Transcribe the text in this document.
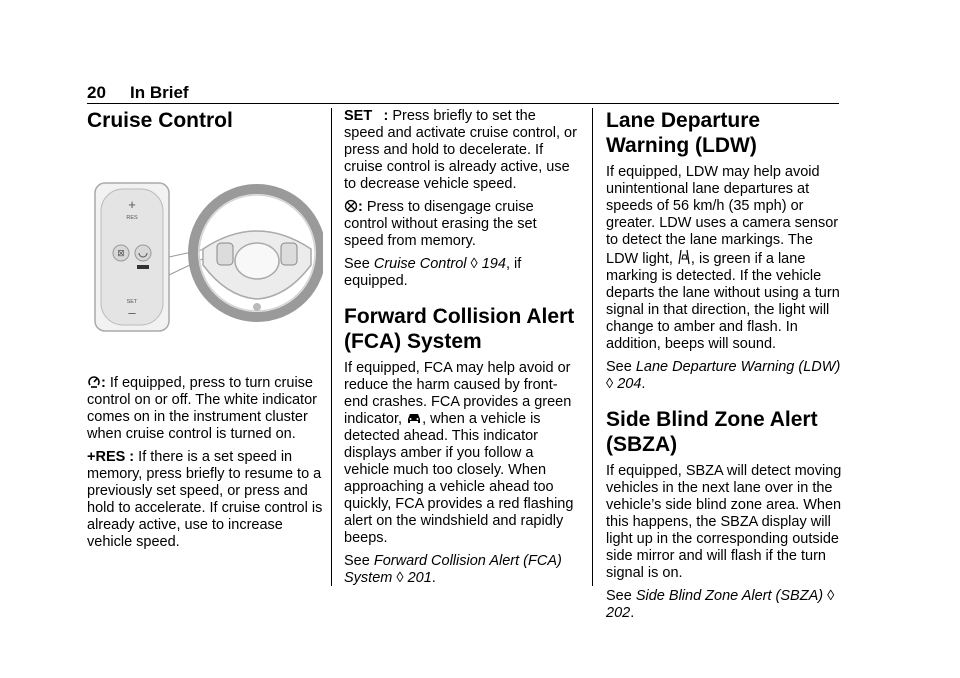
20 In Brief
Cruise Control
+
RES
⊠
SET
–

: If equipped, press to turn cruise control on or off. The white indicator comes on in the instrument cluster when cruise control is turned on.

+RES : If there is a set speed in memory, press briefly to resume to a previously set speed, or press and hold to accelerate. If cruise control is already active, use to increase vehicle speed.

SET  : Press briefly to set the speed and activate cruise control, or press and hold to decelerate. If cruise control is already active, use to decrease vehicle speed.

: Press to disengage cruise control without erasing the set speed from memory.

See Cruise Control ◊ 194, if equipped.

Forward Collision Alert (FCA) System

If equipped, FCA may help avoid or reduce the harm caused by front-end crashes. FCA provides a green indicator, , when a vehicle is detected ahead. This indicator displays amber if you follow a vehicle much too closely. When approaching a vehicle ahead too quickly, FCA provides a red flashing alert on the windshield and rapidly beeps.

See Forward Collision Alert (FCA) System ◊ 201.

Lane Departure Warning (LDW)

If equipped, LDW may help avoid unintentional lane departures at speeds of 56 km/h (35 mph) or greater. LDW uses a camera sensor to detect the lane markings. The LDW light, , is green if a lane marking is detected. If the vehicle departs the lane without using a turn signal in that direction, the light will change to amber and flash. In addition, beeps will sound.

See Lane Departure Warning (LDW) ◊ 204.

Side Blind Zone Alert (SBZA)

If equipped, SBZA will detect moving vehicles in the next lane over in the vehicle’s side blind zone area. When this happens, the SBZA display will light up in the corresponding outside side mirror and will flash if the turn signal is on.

See Side Blind Zone Alert (SBZA) ◊ 202.
